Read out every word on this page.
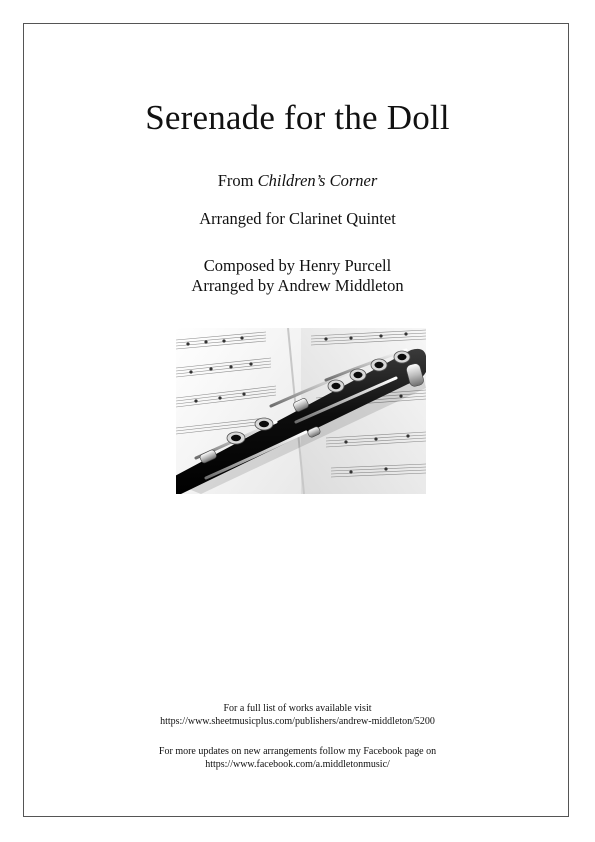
Serenade for the Doll
From Children’s Corner
Arranged for Clarinet Quintet
Composed by Henry Purcell
Arranged by Andrew Middleton
For a full list of works available visit
https://www.sheetmusicplus.com/publishers/andrew-middleton/5200
For more updates on new arrangements follow my Facebook page on
https://www.facebook.com/a.middletonmusic/
